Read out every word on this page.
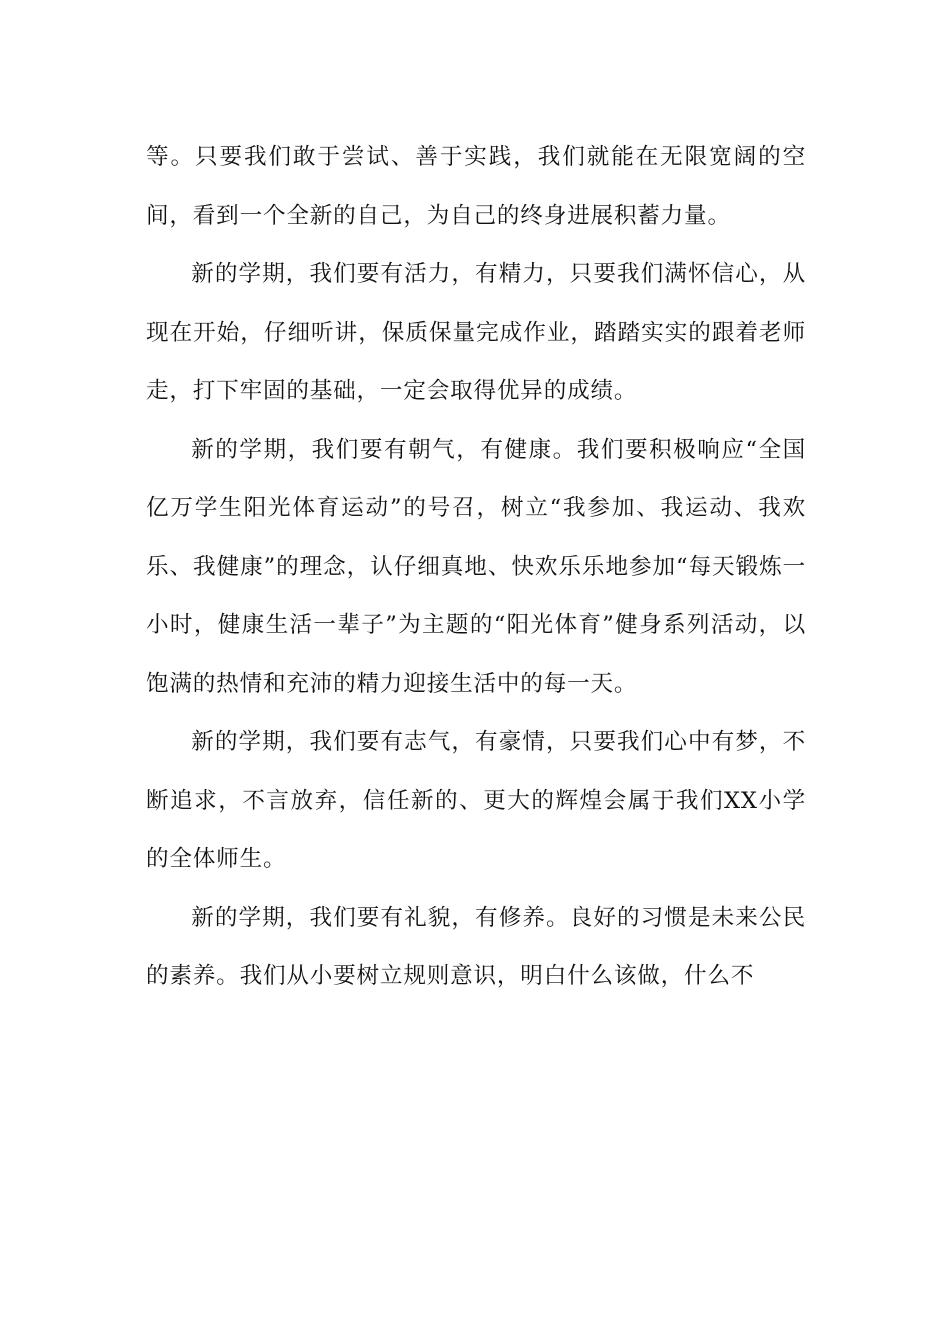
等。只要我们敢于尝试、善于实践，我们就能在无限宽阔的空间，看到一个全新的自己，为自己的终身进展积蓄力量。

新的学期，我们要有活力，有精力，只要我们满怀信心，从现在开始，仔细听讲，保质保量完成作业，踏踏实实的跟着老师走，打下牢固的基础，一定会取得优异的成绩。

新的学期，我们要有朝气，有健康。我们要积极响应“全国亿万学生阳光体育运动”的号召，树立“我参加、我运动、我欢乐、我健康”的理念，认仔细真地、快欢乐乐地参加“每天锻炼一小时，健康生活一辈子”为主题的“阳光体育”健身系列活动，以饱满的热情和充沛的精力迎接生活中的每一天。

新的学期，我们要有志气，有豪情，只要我们心中有梦，不断追求，不言放弃，信任新的、更大的辉煌会属于我们XX小学的全体师生。

新的学期，我们要有礼貌，有修养。良好的习惯是未来公民的素养。我们从小要树立规则意识，明白什么该做，什么不
